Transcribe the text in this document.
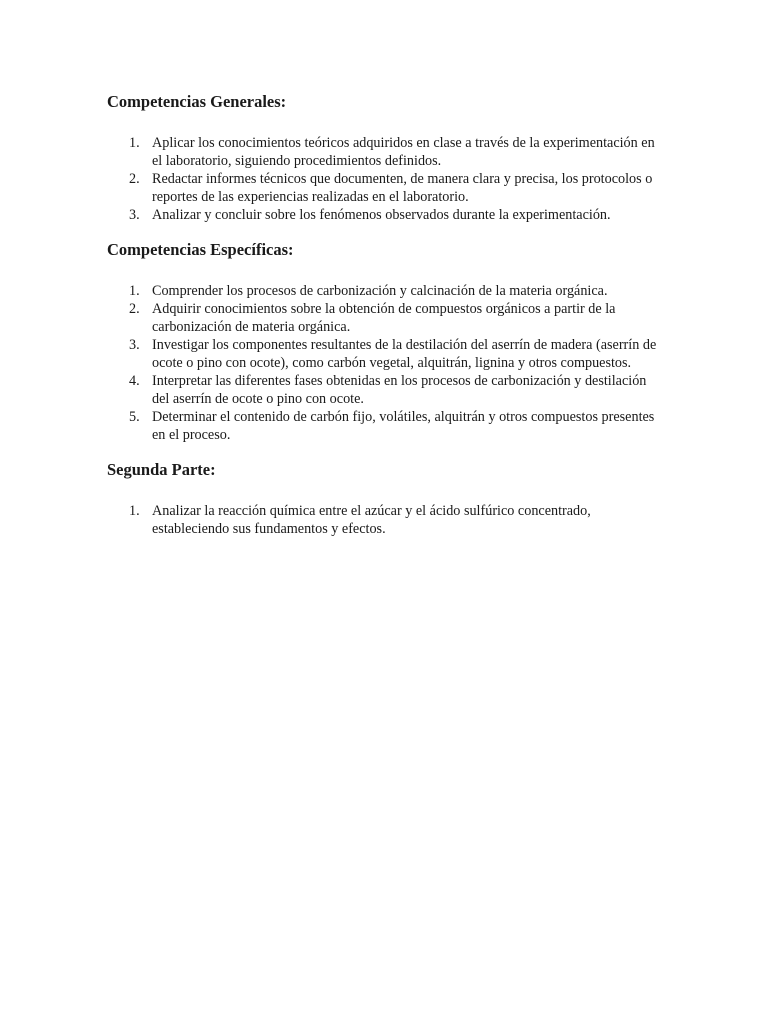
Competencias Generales:
1. Aplicar los conocimientos teóricos adquiridos en clase a través de la experimentación en el laboratorio, siguiendo procedimientos definidos.
2. Redactar informes técnicos que documenten, de manera clara y precisa, los protocolos o reportes de las experiencias realizadas en el laboratorio.
3. Analizar y concluir sobre los fenómenos observados durante la experimentación.
Competencias Específicas:
1. Comprender los procesos de carbonización y calcinación de la materia orgánica.
2. Adquirir conocimientos sobre la obtención de compuestos orgánicos a partir de la carbonización de materia orgánica.
3. Investigar los componentes resultantes de la destilación del aserrín de madera (aserrín de ocote o pino con ocote), como carbón vegetal, alquitrán, lignina y otros compuestos.
4. Interpretar las diferentes fases obtenidas en los procesos de carbonización y destilación del aserrín de ocote o pino con ocote.
5. Determinar el contenido de carbón fijo, volátiles, alquitrán y otros compuestos presentes en el proceso.
Segunda Parte:
1. Analizar la reacción química entre el azúcar y el ácido sulfúrico concentrado, estableciendo sus fundamentos y efectos.
